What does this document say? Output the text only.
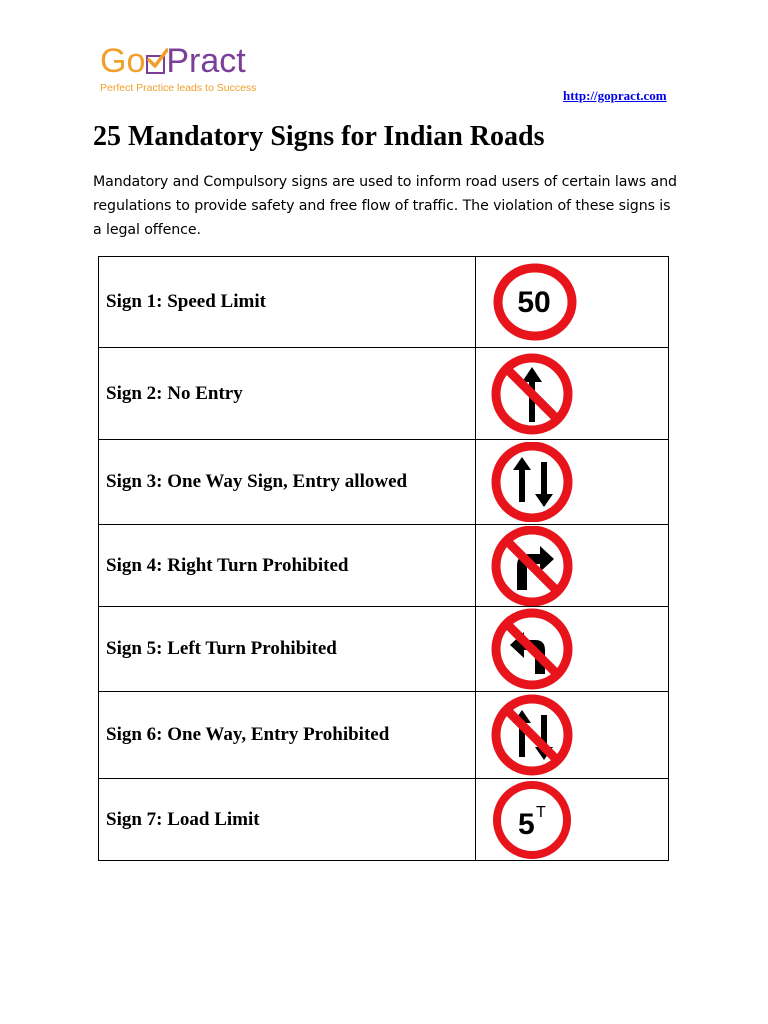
Go Pract
Perfect Practice leads to Success	http://gopract.com
25 Mandatory Signs for Indian Roads

Mandatory and Compulsory signs are used to inform road users of certain laws and regulations to provide safety and free flow of traffic. The violation of these signs is a legal offence.

Sign 1: Speed Limit	50

Sign 2: No Entry	

Sign 3: One Way Sign, Entry allowed	

Sign 4: Right Turn Prohibited	

Sign 5: Left Turn Prohibited	

Sign 6: One Way, Entry Prohibited	

Sign 7: Load Limit	5 T
